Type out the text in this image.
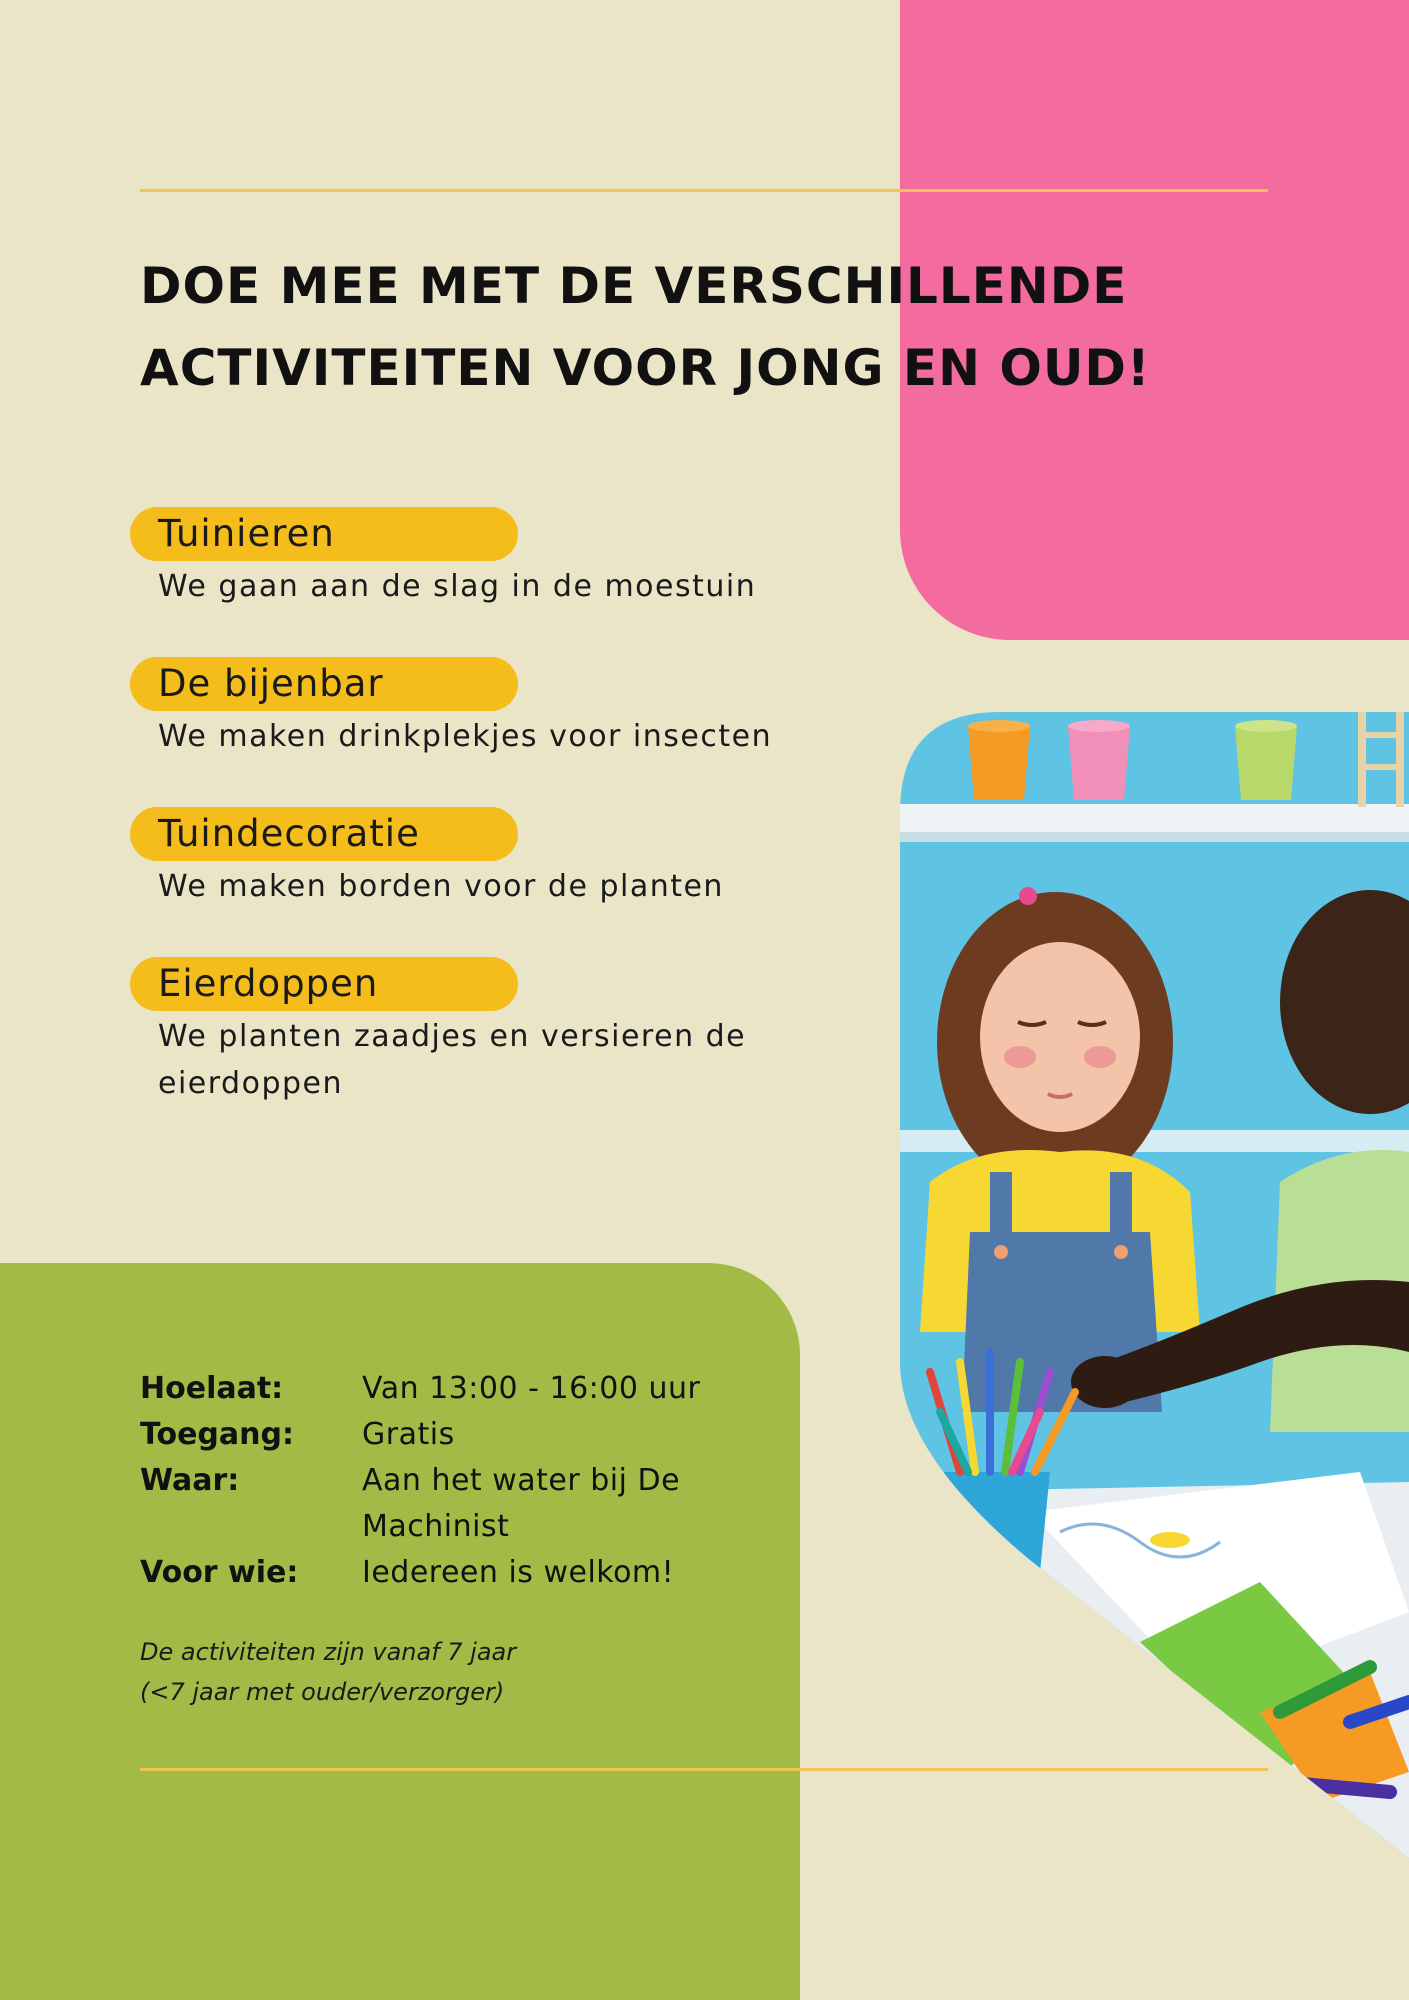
DOE MEE MET DE VERSCHILLENDE
ACTIVITEITEN VOOR JONG EN OUD!
Tuinieren
We gaan aan de slag in de moestuin
De bijenbar
We maken drinkplekjes voor insecten
Tuindecoratie
We maken borden voor de planten
Eierdoppen
We planten zaadjes en versieren de eierdoppen
Hoelaat:	Van 13:00 - 16:00 uur
Toegang:	Gratis
Waar:	Aan het water bij De Machinist
Voor wie:	Iedereen is welkom!
De activiteiten zijn vanaf 7 jaar
(<7 jaar met ouder/verzorger)
